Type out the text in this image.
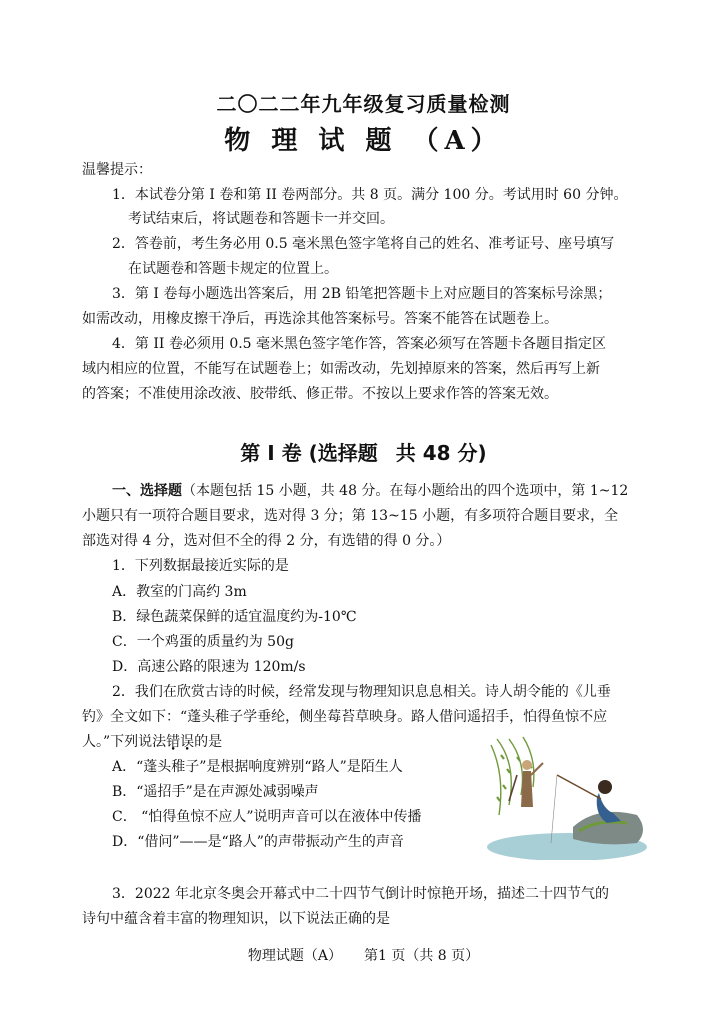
二〇二二年九年级复习质量检测
物 理 试 题 （A）
温馨提示：
1．本试卷分第 I 卷和第 II 卷两部分。共 8 页。满分 100 分。考试用时 60 分钟。
考试结束后，将试题卷和答题卡一并交回。
2．答卷前，考生务必用 0.5 毫米黑色签字笔将自己的姓名、准考证号、座号填写
在试题卷和答题卡规定的位置上。
3．第 I 卷每小题选出答案后，用 2B 铅笔把答题卡上对应题目的答案标号涂黑；
如需改动，用橡皮擦干净后，再选涂其他答案标号。答案不能答在试题卷上。
4．第 II 卷必须用 0.5 毫米黑色签字笔作答，答案必须写在答题卡各题目指定区
域内相应的位置，不能写在试题卷上；如需改动，先划掉原来的答案，然后再写上新
的答案；不准使用涂改液、胶带纸、修正带。不按以上要求作答的答案无效。
第 I 卷 (选择题 共 48 分)
一、选择题（本题包括 15 小题，共 48 分。在每小题给出的四个选项中，第 1~12
小题只有一项符合题目要求，选对得 3 分；第 13~15 小题，有多项符合题目要求，全
部选对得 4 分，选对但不全的得 2 分，有选错的得 0 分。）
1．下列数据最接近实际的是
A．教室的门高约 3m
B．绿色蔬菜保鲜的适宜温度约为-10℃
C．一个鸡蛋的质量约为 50g
D．高速公路的限速为 120m/s
2．我们在欣赏古诗的时候，经常发现与物理知识息息相关。诗人胡令能的《儿垂
钓》全文如下：“蓬头稚子学垂纶，侧坐莓苔草映身。路人借问遥招手，怕得鱼惊不应
人。”下列说法错误的是
A．“蓬头稚子”是根据响度辨别“路人”是陌生人
B．“遥招手”是在声源处减弱噪声
C． “怕得鱼惊不应人”说明声音可以在液体中传播
D．“借问”——是“路人”的声带振动产生的声音
3．2022 年北京冬奥会开幕式中二十四节气倒计时惊艳开场，描述二十四节气的
诗句中蕴含着丰富的物理知识，以下说法正确的是
物理试题（A） 第1 页（共 8 页）
